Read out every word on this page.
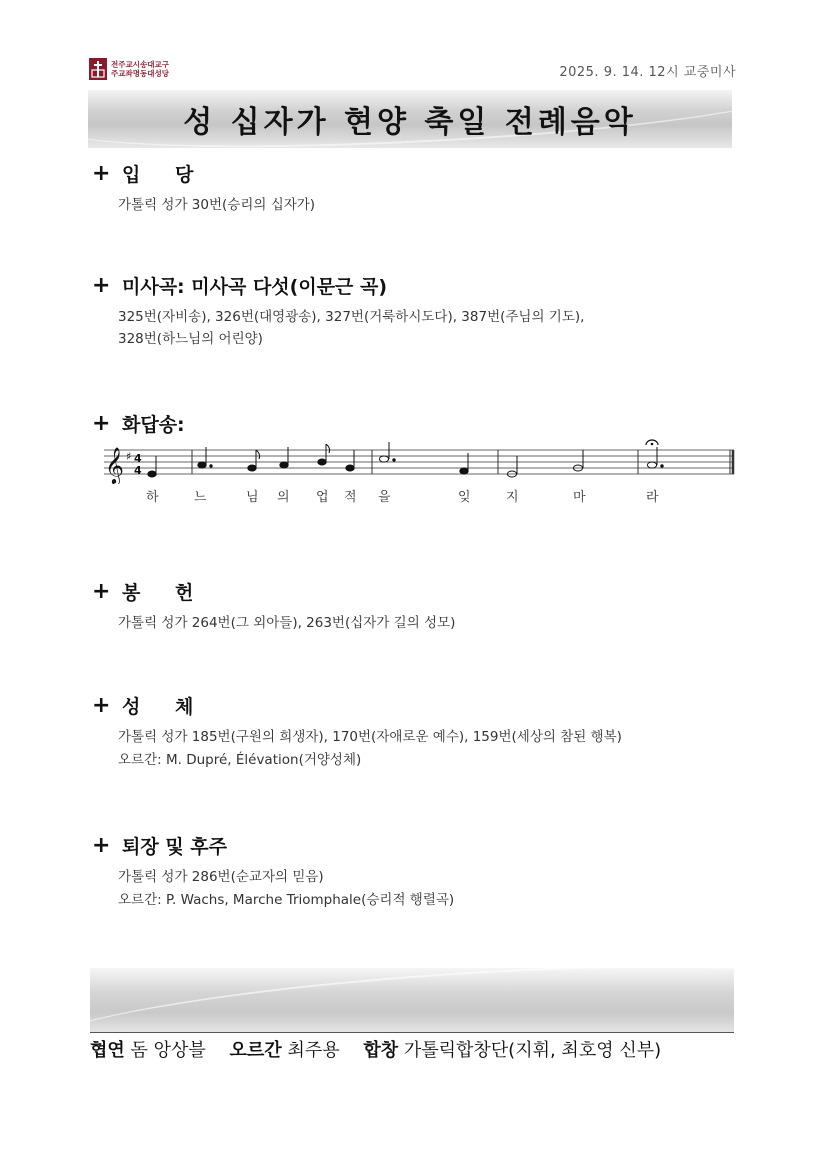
전주교시송대교구
주교좌명동대성당	2025. 9. 14. 12시 교중미사
성 십자가 현양 축일 전례음악
+ 입 당
가톨릭 성가 30번(승리의 십자가)
+ 미사곡: 미사곡 다섯(이문근 곡)
325번(자비송), 326번(대영광송), 327번(거룩하시도다), 387번(주님의 기도),
328번(하느님의 어린양)
+ 화답송:
𝄞 ♯ 4
4
하	느	님 의 업 적 을	잊	지	마	라
+ 봉 헌
가톨릭 성가 264번(그 외아들), 263번(십자가 길의 성모)
+ 성 체
가톨릭 성가 185번(구원의 희생자), 170번(자애로운 예수), 159번(세상의 참된 행복)
오르간: M. Dupré, Élévation(거양성체)
+ 퇴장 및 후주
가톨릭 성가 286번(순교자의 믿음)
오르간: P. Wachs, Marche Triomphale(승리적 행렬곡)
협연 돔 앙상블 오르간 최주용 합창 가톨릭합창단(지휘, 최호영 신부)
